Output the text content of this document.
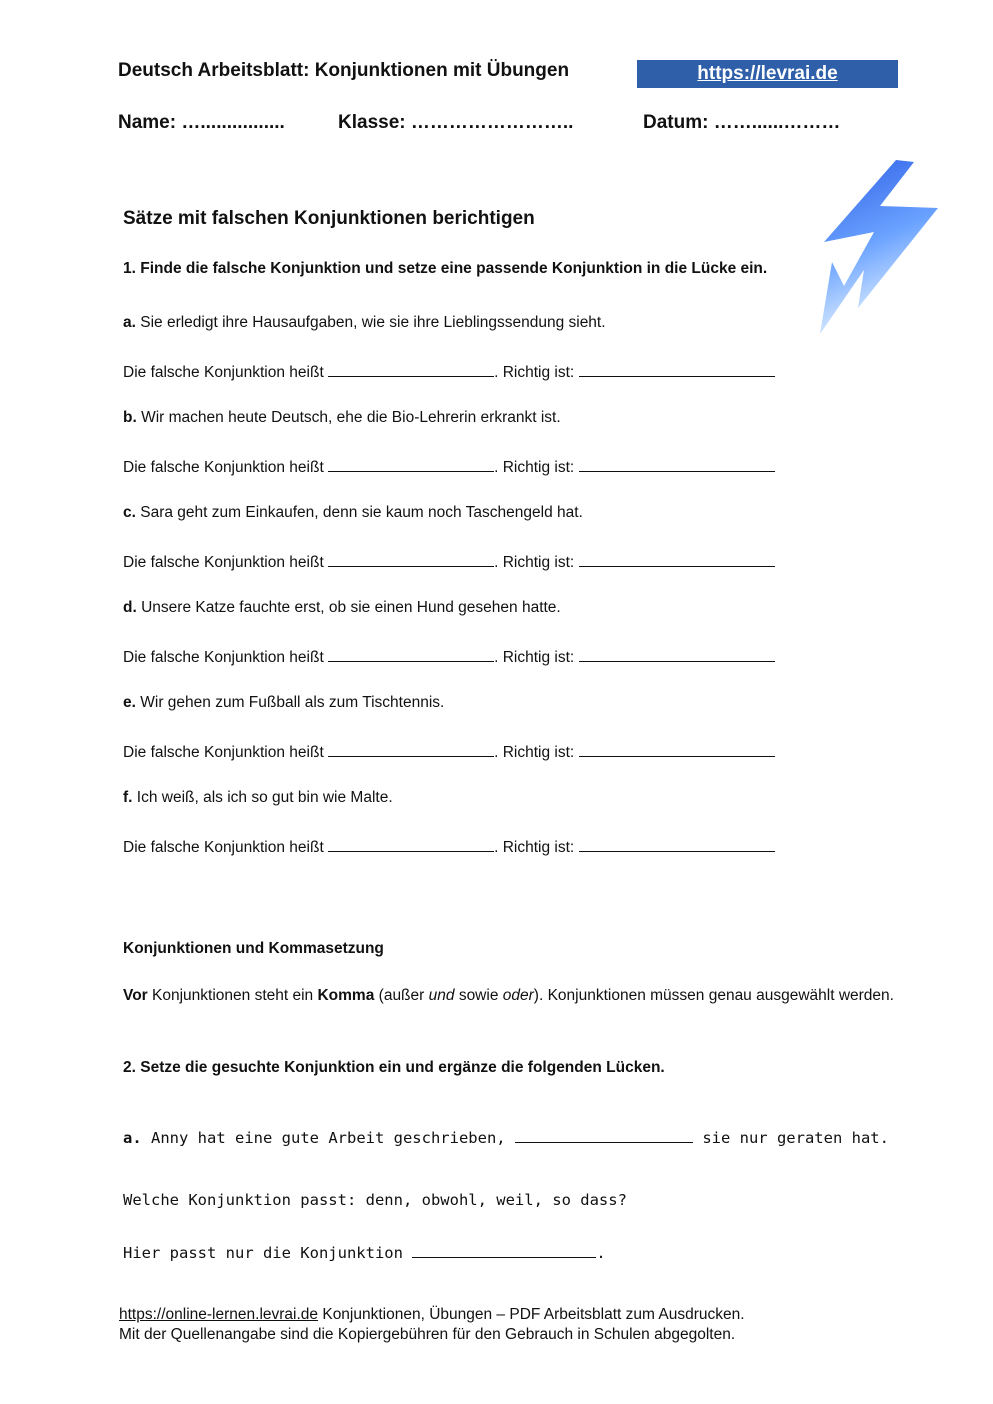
Deutsch Arbeitsblatt: Konjunktionen mit Übungen	https://levrai.de
Name: …................	Klasse: ……………………..	Datum: ……......………
Sätze mit falschen Konjunktionen berichtigen
1. Finde die falsche Konjunktion und setze eine passende Konjunktion in die Lücke ein.
a. Sie erledigt ihre Hausaufgaben, wie sie ihre Lieblingssendung sieht.
Die falsche Konjunktion heißt	. Richtig ist:
b. Wir machen heute Deutsch, ehe die Bio-Lehrerin erkrankt ist.
Die falsche Konjunktion heißt	. Richtig ist:
c. Sara geht zum Einkaufen, denn sie kaum noch Taschengeld hat.
Die falsche Konjunktion heißt	. Richtig ist:
d. Unsere Katze fauchte erst, ob sie einen Hund gesehen hatte.
Die falsche Konjunktion heißt	. Richtig ist:
e. Wir gehen zum Fußball als zum Tischtennis.
Die falsche Konjunktion heißt	. Richtig ist:
f. Ich weiß, als ich so gut bin wie Malte.
Die falsche Konjunktion heißt	. Richtig ist:
Konjunktionen und Kommasetzung
Vor Konjunktionen steht ein Komma (außer und sowie oder). Konjunktionen müssen genau ausgewählt werden.
2. Setze die gesuchte Konjunktion ein und ergänze die folgenden Lücken.
a. Anny hat eine gute Arbeit geschrieben,	sie nur geraten hat.
Welche Konjunktion passt: denn, obwohl, weil, so dass?
Hier passt nur die Konjunktion	.
https://online-lernen.levrai.de Konjunktionen, Übungen – PDF Arbeitsblatt zum Ausdrucken.
Mit der Quellenangabe sind die Kopiergebühren für den Gebrauch in Schulen abgegolten.
